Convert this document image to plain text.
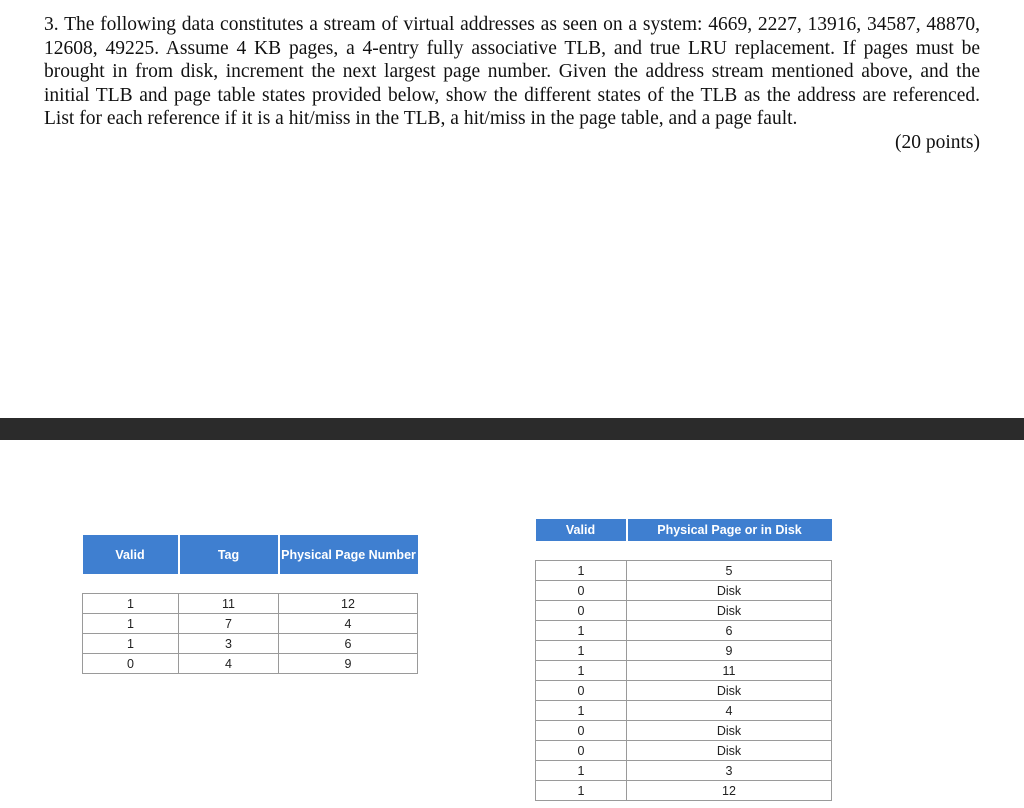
3. The following data constitutes a stream of virtual addresses as seen on a system: 4669, 2227, 13916, 34587, 48870, 12608, 49225. Assume 4 KB pages, a 4-entry fully associative TLB, and true LRU replacement. If pages must be brought in from disk, increment the next largest page number. Given the address stream mentioned above, and the initial TLB and page table states provided below, show the different states of the TLB as the address are referenced. List for each reference if it is a hit/miss in the TLB, a hit/miss in the page table, and a page fault.
(20 points)
Valid	Tag	Physical Page Number

1	11	12
1	7	4
1	3	6
0	4	9
Valid	Physical Page or in Disk

1	5
0	Disk
0	Disk
1	6
1	9
1	11
0	Disk
1	4
0	Disk
0	Disk
1	3
1	12
